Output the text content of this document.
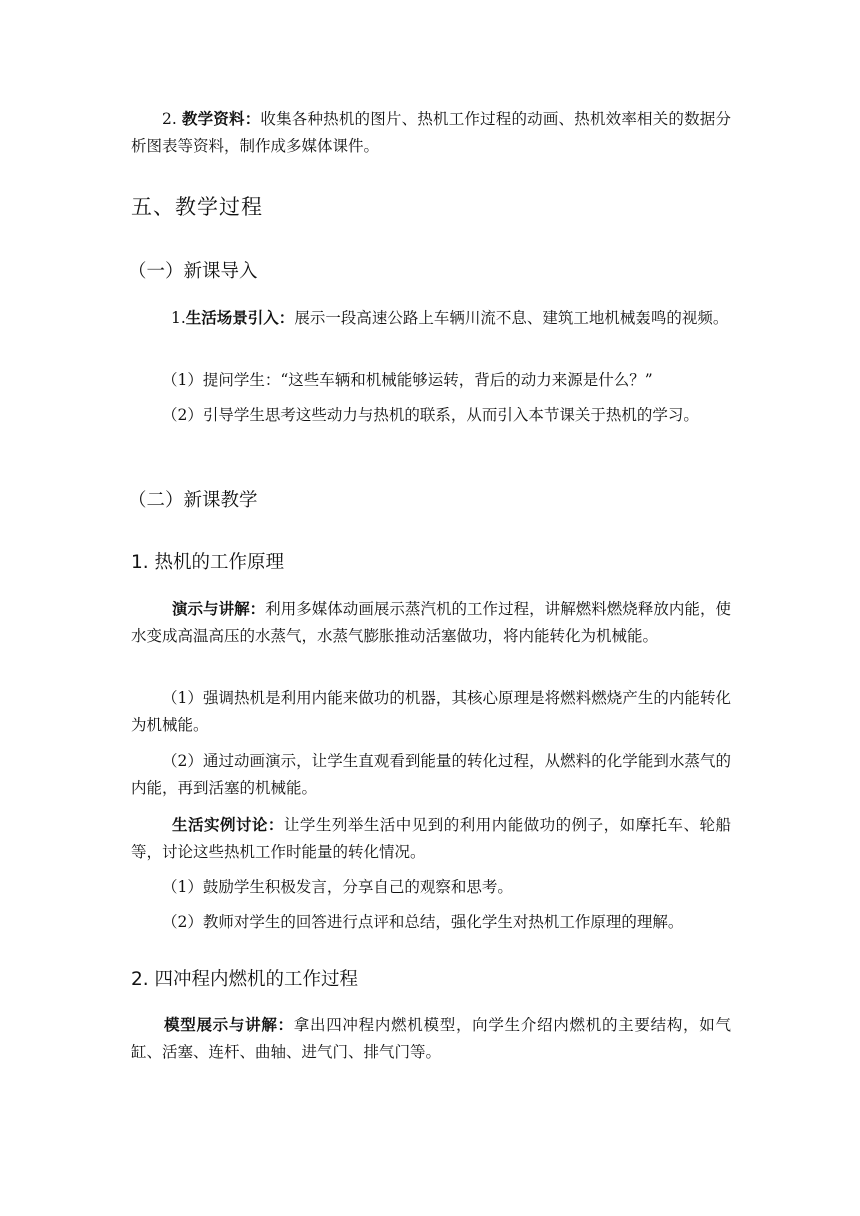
2. 教学资料：收集各种热机的图片、热机工作过程的动画、热机效率相关的数据分析图表等资料，制作成多媒体课件。

五、教学过程
（一）新课导入

1.生活场景引入：展示一段高速公路上车辆川流不息、建筑工地机械轰鸣的视频。

（1）提问学生：“这些车辆和机械能够运转，背后的动力来源是什么？”

（2）引导学生思考这些动力与热机的联系，从而引入本节课关于热机的学习。

（二）新课教学
1. 热机的工作原理

演示与讲解：利用多媒体动画展示蒸汽机的工作过程，讲解燃料燃烧释放内能，使水变成高温高压的水蒸气，水蒸气膨胀推动活塞做功，将内能转化为机械能。

（1）强调热机是利用内能来做功的机器，其核心原理是将燃料燃烧产生的内能转化为机械能。

（2）通过动画演示，让学生直观看到能量的转化过程，从燃料的化学能到水蒸气的内能，再到活塞的机械能。

生活实例讨论：让学生列举生活中见到的利用内能做功的例子，如摩托车、轮船等，讨论这些热机工作时能量的转化情况。

（1）鼓励学生积极发言，分享自己的观察和思考。

（2）教师对学生的回答进行点评和总结，强化学生对热机工作原理的理解。

2. 四冲程内燃机的工作过程

模型展示与讲解：拿出四冲程内燃机模型，向学生介绍内燃机的主要结构，如气缸、活塞、连杆、曲轴、进气门、排气门等。
